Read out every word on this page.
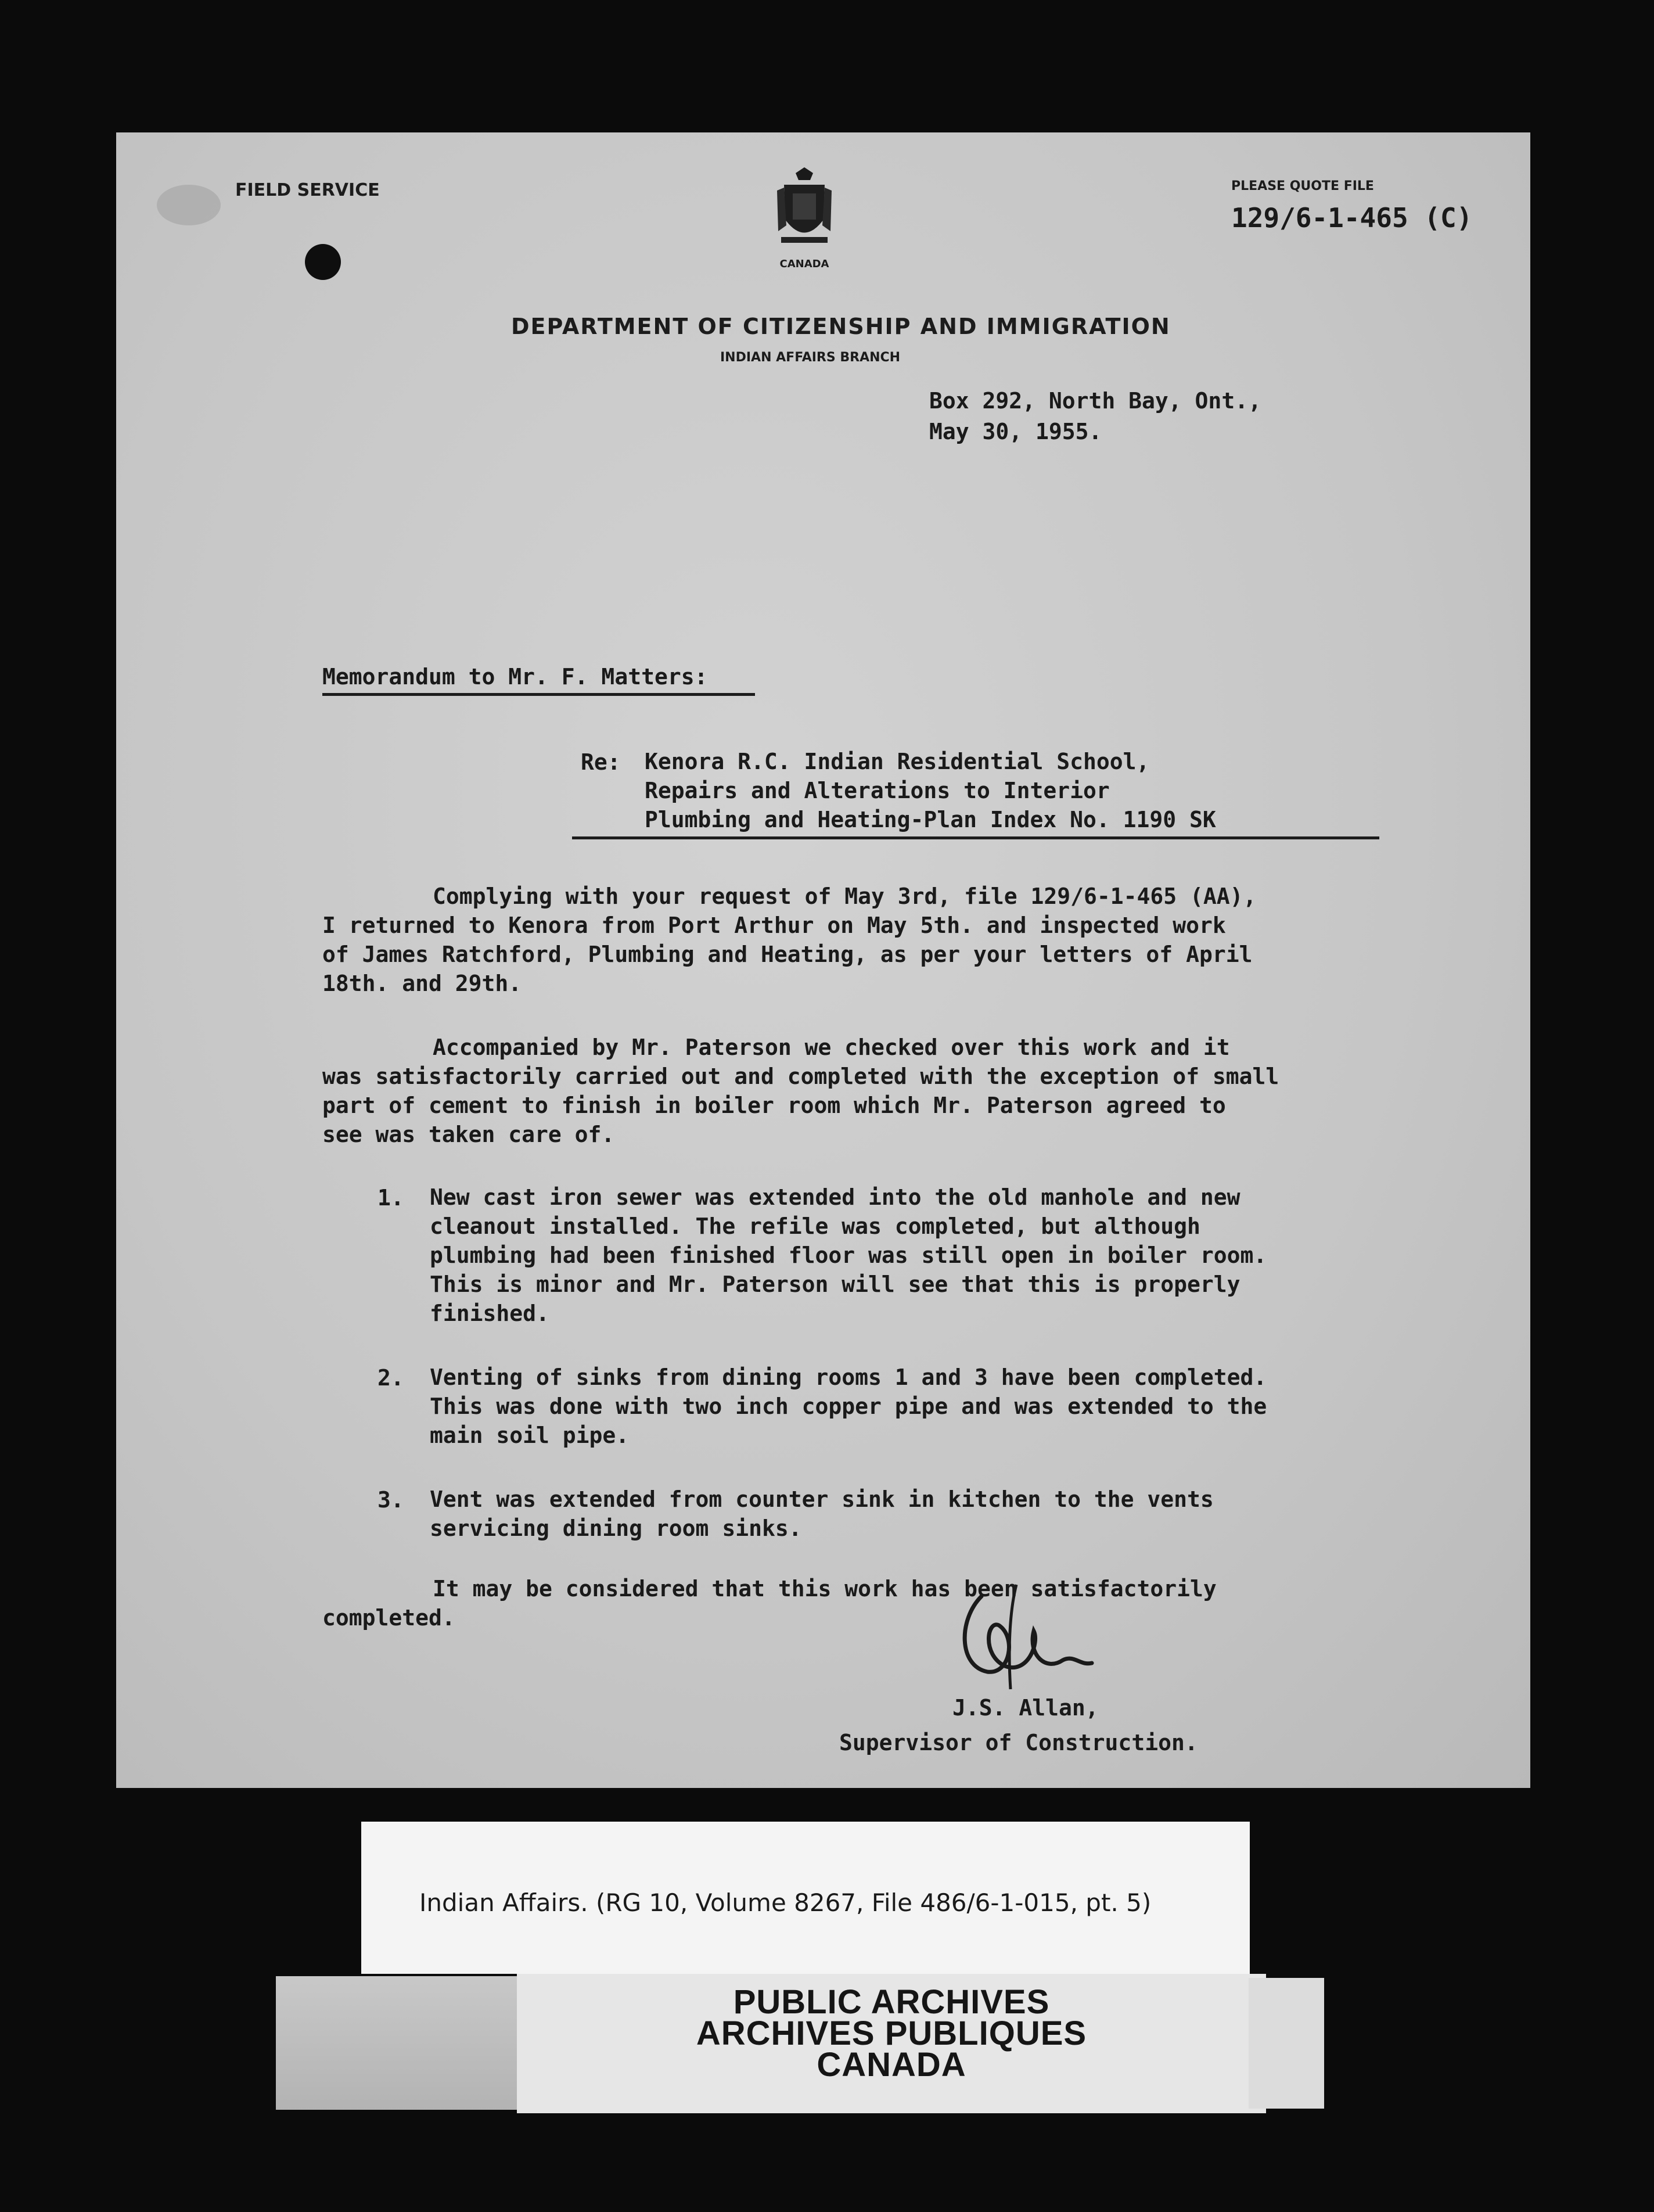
FIELD SERVICE
CANADA
PLEASE QUOTE FILE
129/6-1-465 (C)
DEPARTMENT OF CITIZENSHIP AND IMMIGRATION
INDIAN AFFAIRS BRANCH
Box 292, North Bay, Ont.,
May 30, 1955.
Memorandum to Mr. F. Matters:
Re: Kenora R.C. Indian Residential School,
Repairs and Alterations to Interior
Plumbing and Heating-Plan Index No. 1190 SK
Complying with your request of May 3rd, file 129/6-1-465 (AA),
I returned to Kenora from Port Arthur on May 5th. and inspected work
of James Ratchford, Plumbing and Heating, as per your letters of April
18th. and 29th.
Accompanied by Mr. Paterson we checked over this work and it
was satisfactorily carried out and completed with the exception of small
part of cement to finish in boiler room which Mr. Paterson agreed to
see was taken care of.
1. New cast iron sewer was extended into the old manhole and new
cleanout installed. The refile was completed, but although
plumbing had been finished floor was still open in boiler room.
This is minor and Mr. Paterson will see that this is properly
finished.
2. Venting of sinks from dining rooms 1 and 3 have been completed.
This was done with two inch copper pipe and was extended to the
main soil pipe.
3. Vent was extended from counter sink in kitchen to the vents
servicing dining room sinks.
It may be considered that this work has been satisfactorily
completed.
J.S. Allan,
Supervisor of Construction.
Indian Affairs. (RG 10, Volume 8267, File 486/6-1-015, pt. 5)
PUBLIC ARCHIVES
ARCHIVES PUBLIQUES
CANADA
